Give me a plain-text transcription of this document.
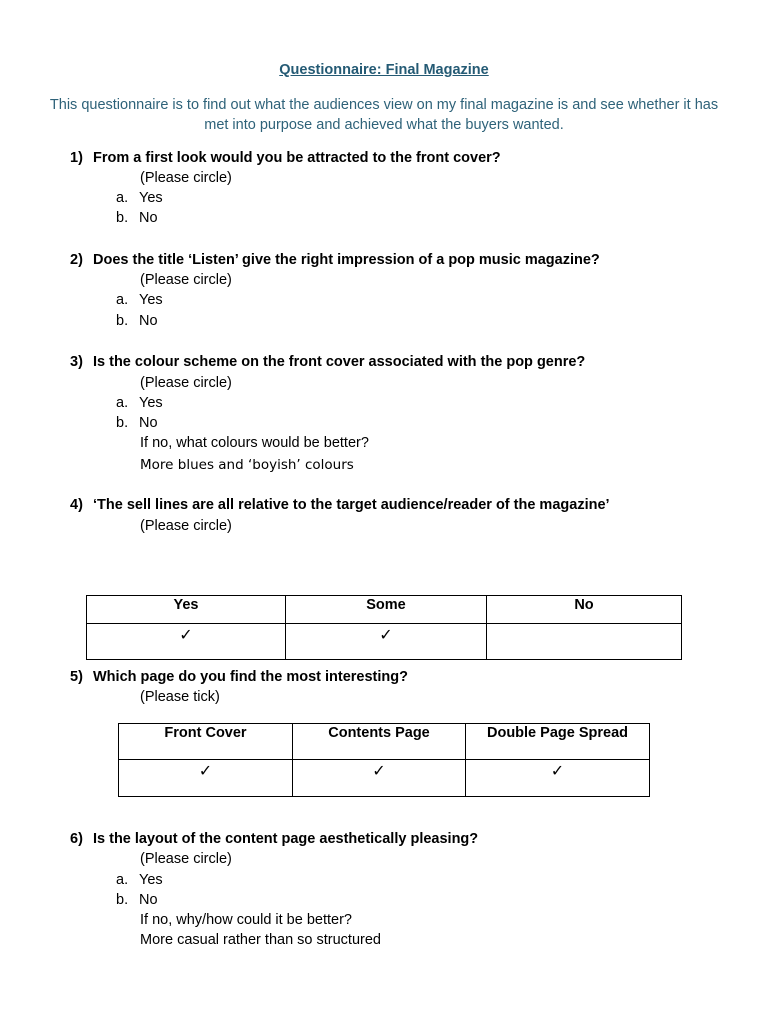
Questionnaire: Final Magazine
This questionnaire is to find out what the audiences view on my final magazine is and see whether it has met into purpose and achieved what the buyers wanted.
1) From a first look would you be attracted to the front cover?
(Please circle)
a. Yes
b. No
2) Does the title ‘Listen’ give the right impression of a pop music magazine?
(Please circle)
a. Yes
b. No
3) Is the colour scheme on the front cover associated with the pop genre?
(Please circle)
a. Yes
b. No
If no, what colours would be better?
More blues and ‘boyish’ colours
4) ‘The sell lines are all relative to the target audience/reader of the magazine’
(Please circle)
Yes	Some	No
✓	✓	
5) Which page do you find the most interesting?
(Please tick)
Front Cover	Contents Page	Double Page Spread
✓	✓	✓
6) Is the layout of the content page aesthetically pleasing?
(Please circle)
a. Yes
b. No
If no, why/how could it be better?
More casual rather than so structured
